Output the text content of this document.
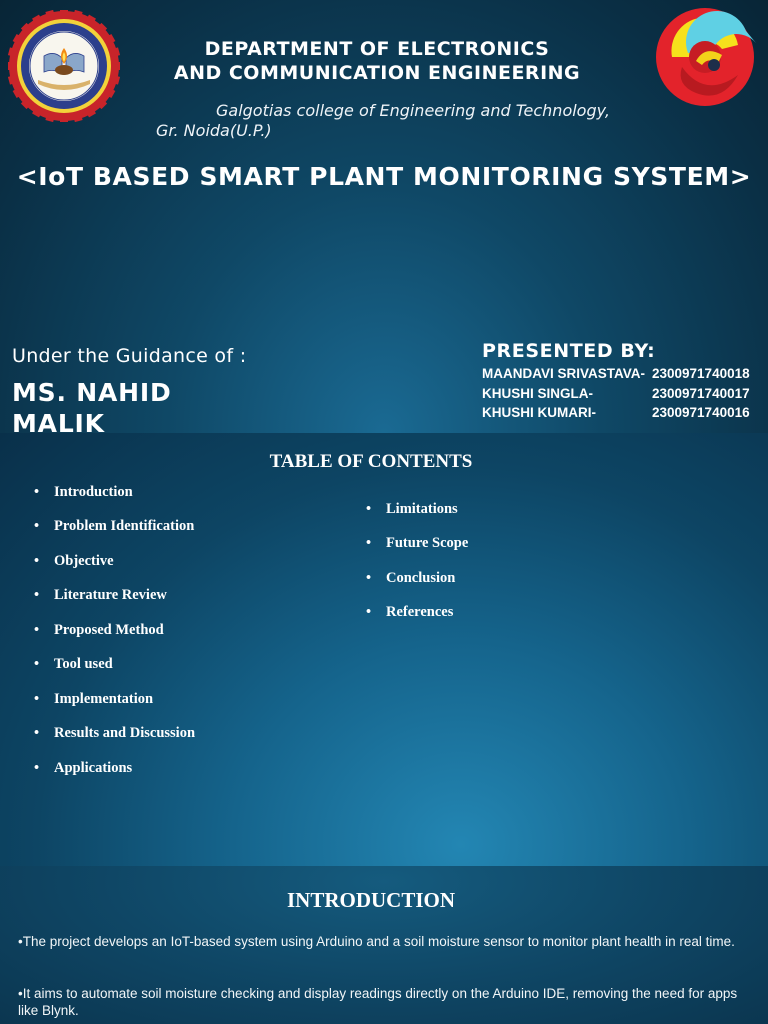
DEPARTMENT OF ELECTRONICS
AND COMMUNICATION ENGINEERING
Galgotias college of Engineering and Technology,
Gr. Noida(U.P.)
<IoT BASED SMART PLANT MONITORING SYSTEM>
Under the Guidance of :
MS. NAHID
MALIK
PRESENTED BY:
MAANDAVI SRIVASTAVA- 2300971740018
KHUSHI SINGLA-	2300971740017
KHUSHI KUMARI-	2300971740016
TABLE OF CONTENTS
• Introduction
• Problem Identification
• Objective
• Literature Review
• Proposed Method
• Tool used
• Implementation
• Results and Discussion
• Applications
• Limitations
• Future Scope
• Conclusion
• References
INTRODUCTION
•The project develops an IoT-based system using Arduino and a soil moisture sensor to monitor plant health in real time.
•It aims to automate soil moisture checking and display readings directly on the Arduino IDE, removing the need for apps like Blynk.
